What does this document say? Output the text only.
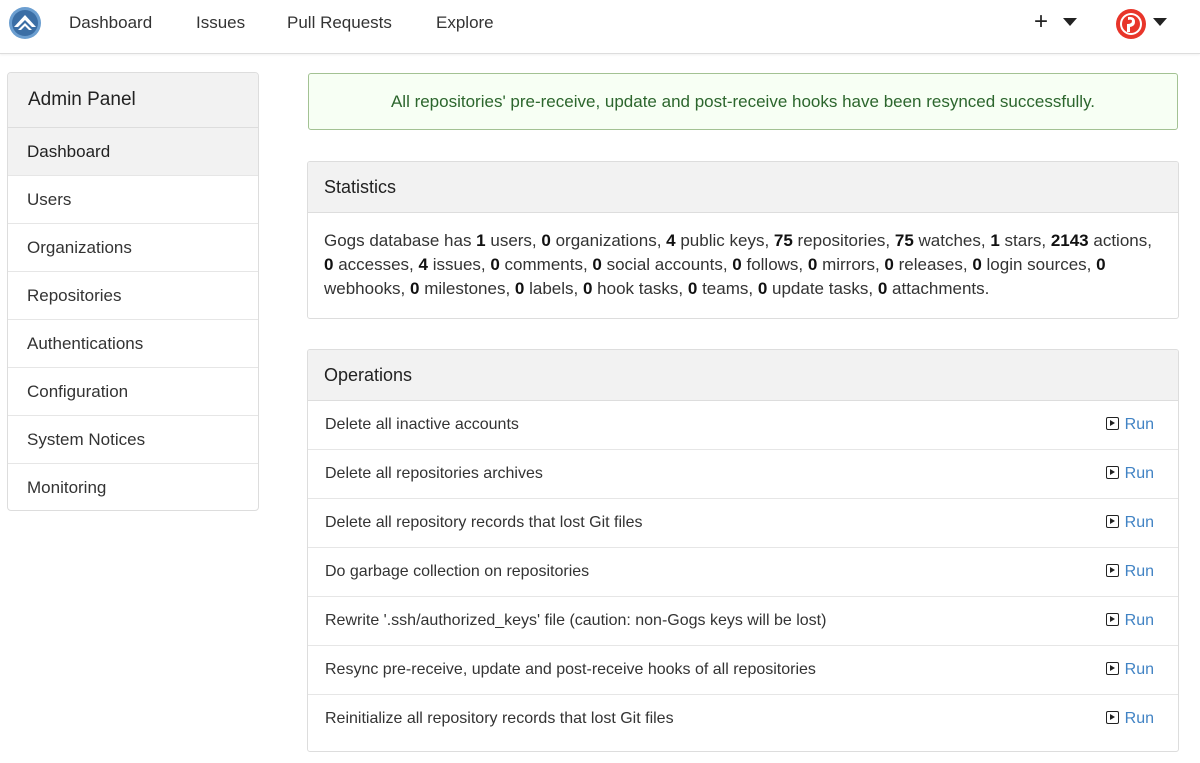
Dashboard	Issues Pull Requests	Explore	+
Admin Panel
Dashboard
Users
Organizations
Repositories
Authentications
Configuration
System Notices
Monitoring
All repositories' pre-receive, update and post-receive hooks have been resynced successfully.
Statistics
Gogs database has 1 users, 0 organizations, 4 public keys, 75 repositories, 75 watches, 1 stars, 2143 actions, 0 accesses, 4 issues, 0 comments, 0 social accounts, 0 follows, 0 mirrors, 0 releases, 0 login sources, 0 webhooks, 0 milestones, 0 labels, 0 hook tasks, 0 teams, 0 update tasks, 0 attachments.
Operations
Delete all inactive accounts	Run
Delete all repositories archives	Run
Delete all repository records that lost Git files	Run
Do garbage collection on repositories	Run
Rewrite '.ssh/authorized_keys' file (caution: non-Gogs keys will be lost)	Run
Resync pre-receive, update and post-receive hooks of all repositories	Run
Reinitialize all repository records that lost Git files	Run
